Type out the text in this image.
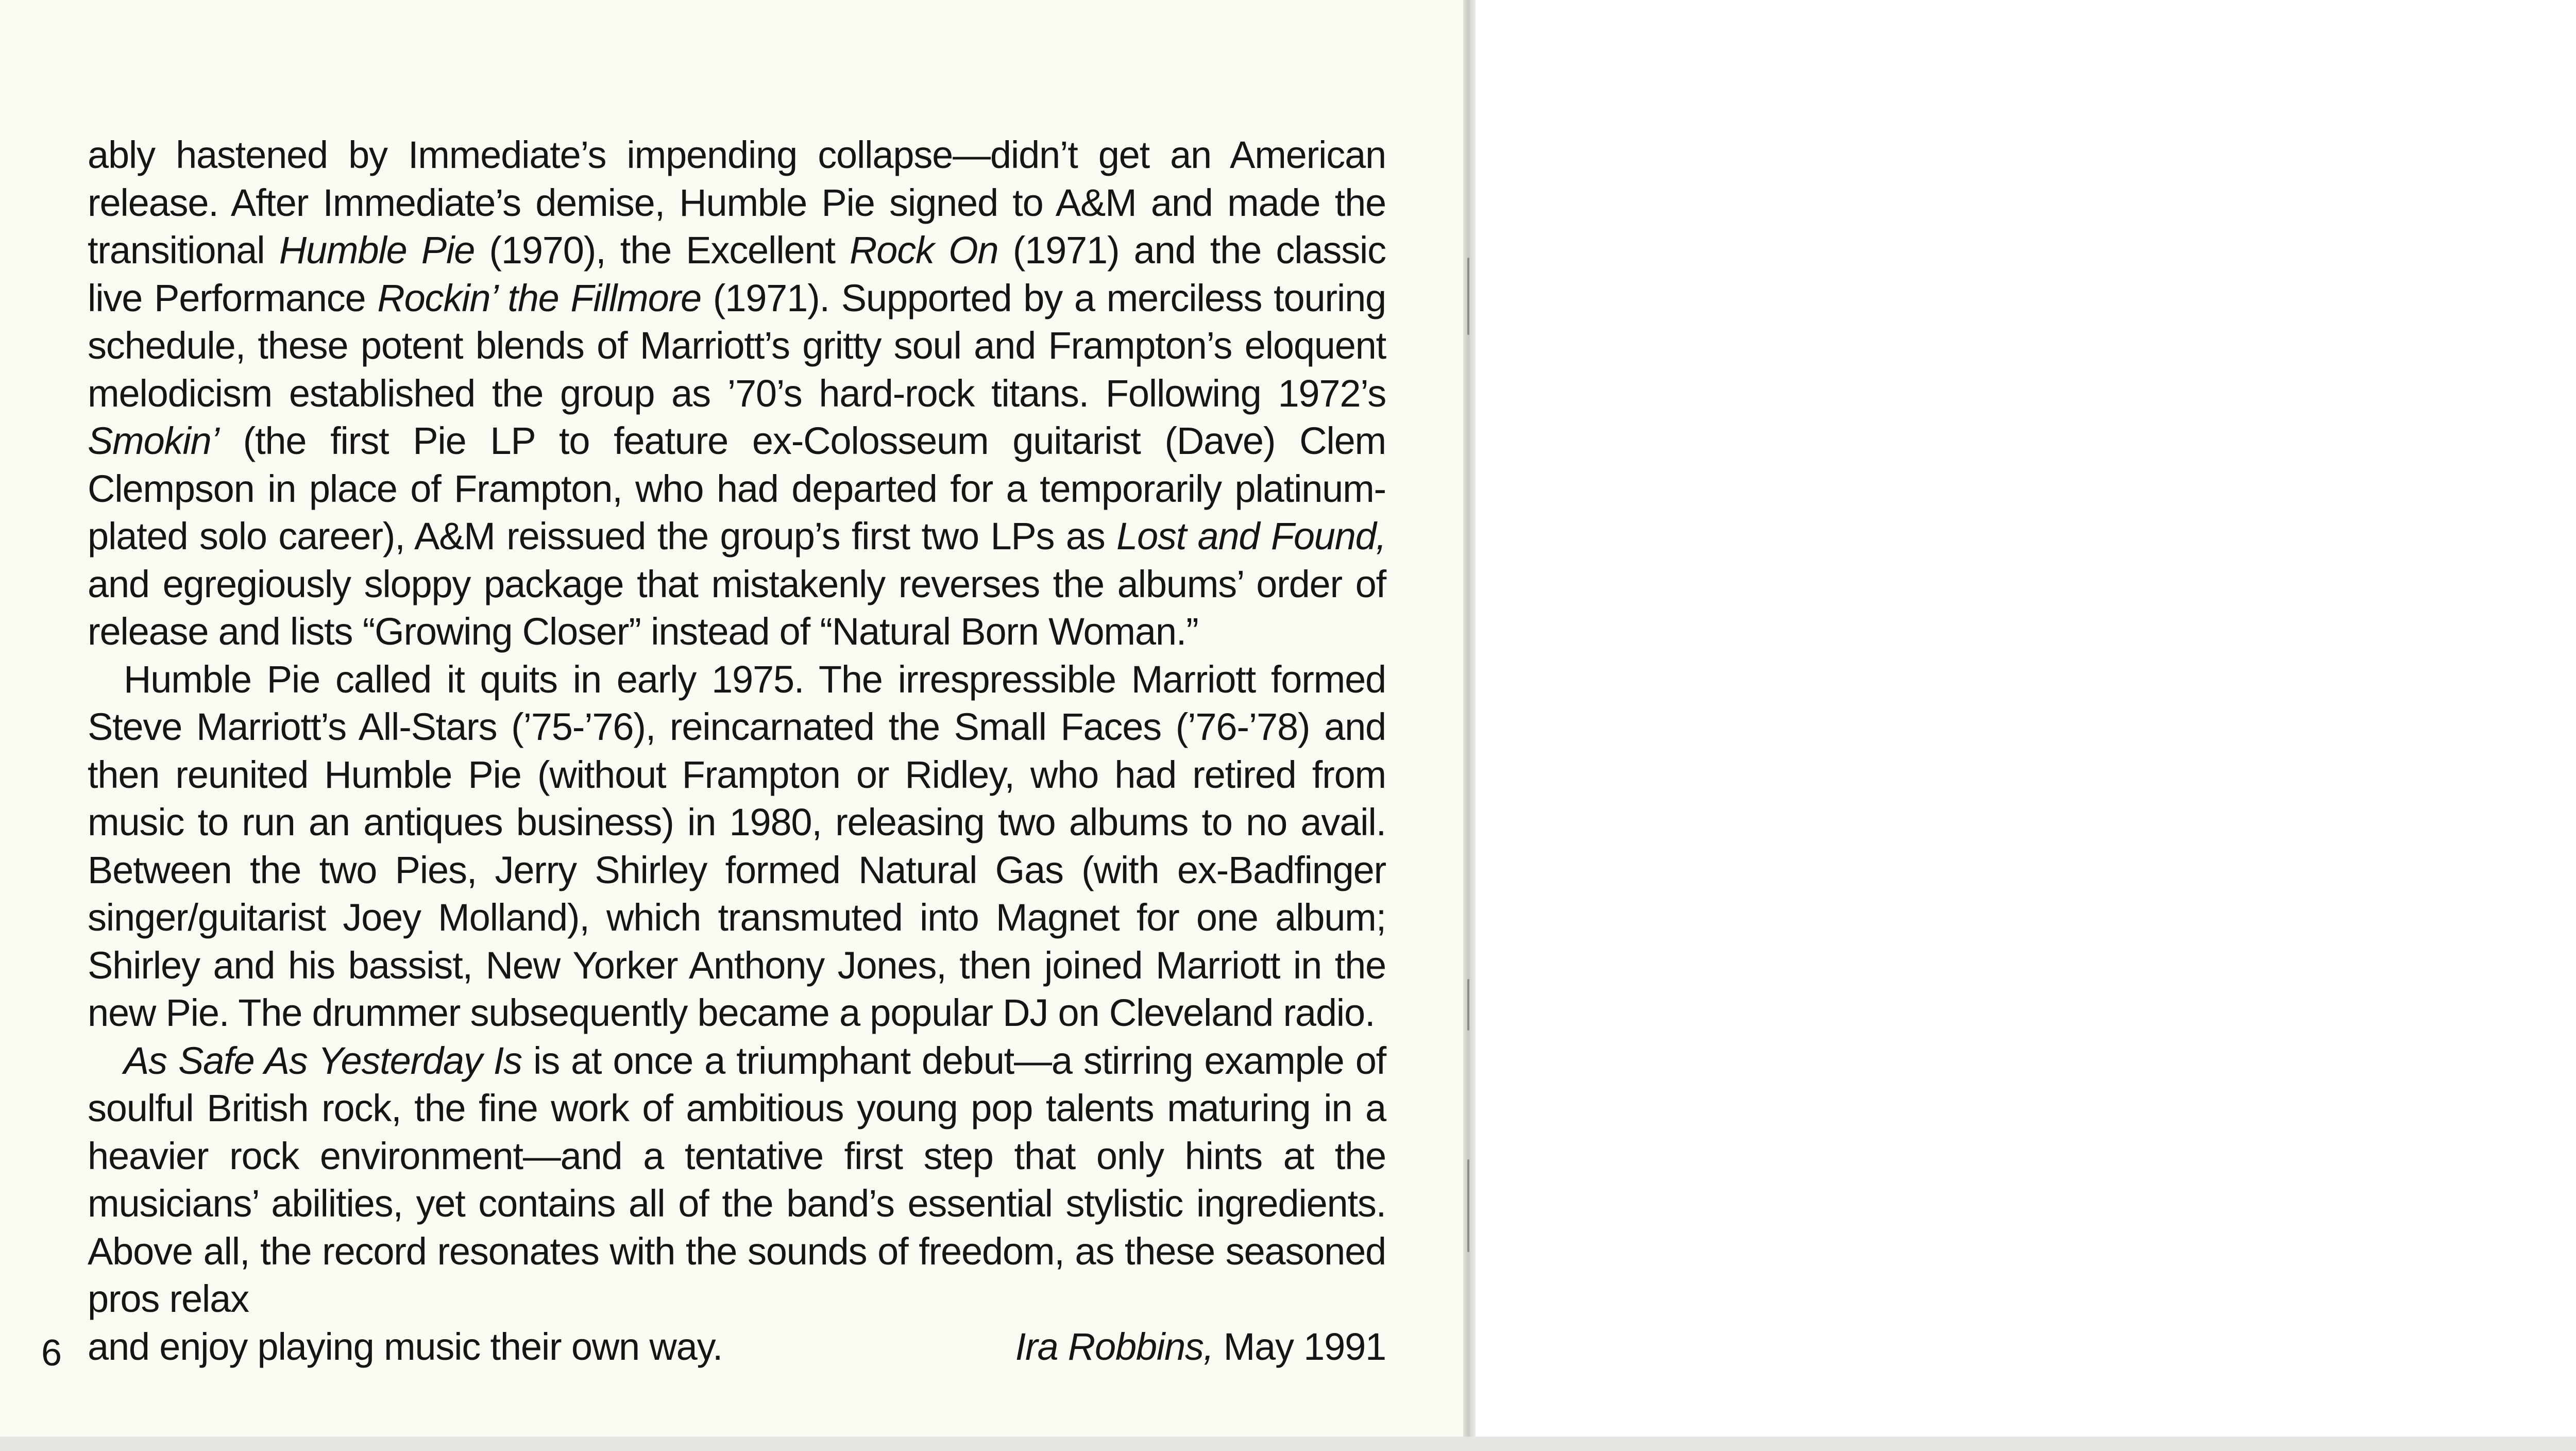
ably hastened by Immediate’s impending collapse—didn’t get an American release. After Immediate’s demise, Humble Pie signed to A&M and made the transitional Humble Pie (1970), the Excellent Rock On (1971) and the classic live Performance Rockin’ the Fillmore (1971). Supported by a merciless touring schedule, these potent blends of Marriott’s gritty soul and Frampton’s eloquent melodicism established the group as ’70’s hard-rock titans. Following 1972’s Smokin’ (the first Pie LP to feature ex-Colosseum guitarist (Dave) Clem Clempson in place of Frampton, who had departed for a temporarily platinum-plated solo career), A&M reissued the group’s first two LPs as Lost and Found, and egregiously sloppy package that mistakenly reverses the albums’ order of release and lists “Growing Closer” instead of “Natural Born Woman.”

Humble Pie called it quits in early 1975. The irrespressible Marriott formed Steve Marriott’s All-Stars (’75-’76), reincarnated the Small Faces (’76-’78) and then reunited Humble Pie (without Frampton or Ridley, who had retired from music to run an antiques business) in 1980, releasing two albums to no avail. Between the two Pies, Jerry Shirley formed Natural Gas (with ex-Badfinger singer/guitarist Joey Molland), which transmuted into Magnet for one album; Shirley and his bassist, New Yorker Anthony Jones, then joined Marriott in the new Pie. The drummer subsequently became a popular DJ on Cleveland radio.

As Safe As Yesterday Is is at once a triumphant debut—a stirring example of soulful British rock, the fine work of ambitious young pop talents maturing in a heavier rock environment—and a tentative first step that only hints at the musicians’ abilities, yet contains all of the band’s essential stylistic ingredients. Above all, the record resonates with the sounds of freedom, as these seasoned pros relax

and enjoy playing music their own way.	Ira Robbins, May 1991
6
